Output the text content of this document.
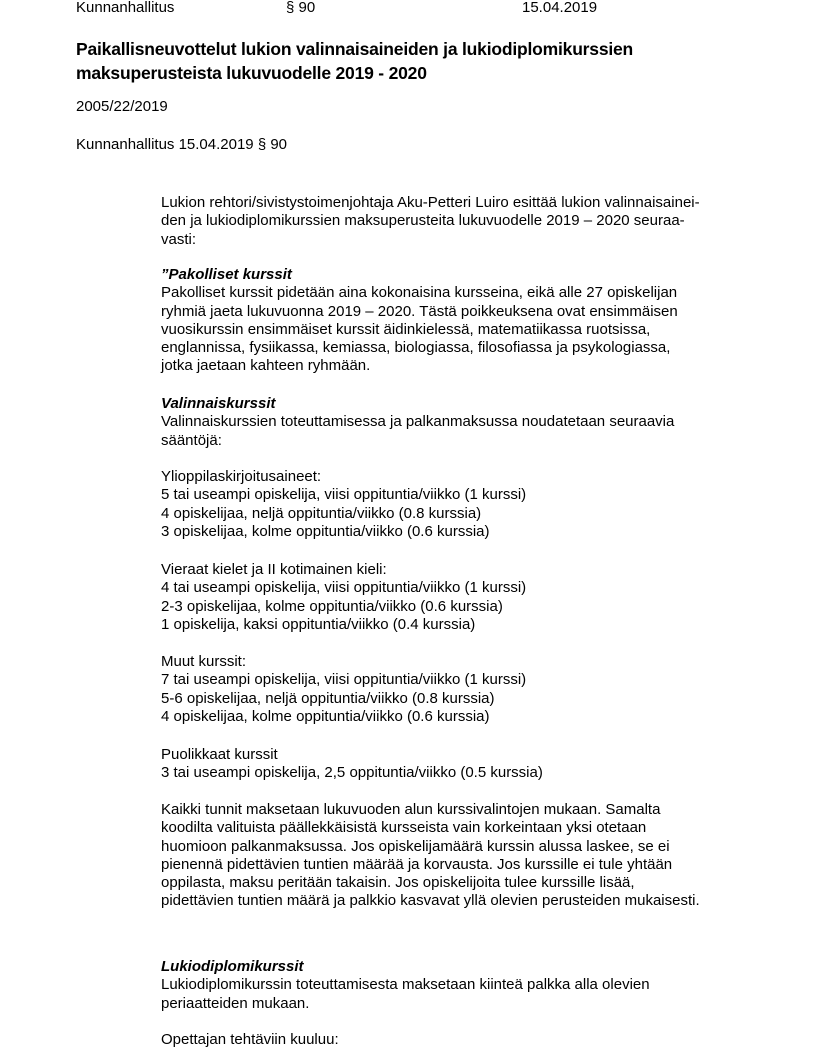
Kunnanhallitus	§ 90	15.04.2019
Paikallisneuvottelut lukion valinnaisaineiden ja lukiodiplomikurssien
maksuperusteista lukuvuodelle 2019 - 2020
2005/22/2019
Kunnanhallitus 15.04.2019 § 90
Lukion rehtori/sivistystoimenjohtaja Aku-Petteri Luiro esittää lukion valinnaisainei-
den ja lukiodiplomikurssien maksuperusteita lukuvuodelle 2019 – 2020 seuraa-
vasti:
”Pakolliset kurssit
Pakolliset kurssit pidetään aina kokonaisina kursseina, eikä alle 27 opiskelijan
ryhmiä jaeta lukuvuonna 2019 – 2020. Tästä poikkeuksena ovat ensimmäisen
vuosikurssin ensimmäiset kurssit äidinkielessä, matematiikassa ruotsissa,
englannissa, fysiikassa, kemiassa, biologiassa, filosofiassa ja psykologiassa,
jotka jaetaan kahteen ryhmään.
Valinnaiskurssit
Valinnaiskurssien toteuttamisessa ja palkanmaksussa noudatetaan seuraavia
sääntöjä:
Ylioppilaskirjoitusaineet:
5 tai useampi opiskelija, viisi oppituntia/viikko (1 kurssi)
4 opiskelijaa, neljä oppituntia/viikko (0.8 kurssia)
3 opiskelijaa, kolme oppituntia/viikko (0.6 kurssia)
Vieraat kielet ja II kotimainen kieli:
4 tai useampi opiskelija, viisi oppituntia/viikko (1 kurssi)
2-3 opiskelijaa, kolme oppituntia/viikko (0.6 kurssia)
1 opiskelija, kaksi oppituntia/viikko (0.4 kurssia)
Muut kurssit:
7 tai useampi opiskelija, viisi oppituntia/viikko (1 kurssi)
5-6 opiskelijaa, neljä oppituntia/viikko (0.8 kurssia)
4 opiskelijaa, kolme oppituntia/viikko (0.6 kurssia)
Puolikkaat kurssit
3 tai useampi opiskelija, 2,5 oppituntia/viikko (0.5 kurssia)
Kaikki tunnit maksetaan lukuvuoden alun kurssivalintojen mukaan. Samalta
koodilta valituista päällekkäisistä kursseista vain korkeintaan yksi otetaan
huomioon palkanmaksussa. Jos opiskelijamäärä kurssin alussa laskee, se ei
pienennä pidettävien tuntien määrää ja korvausta. Jos kurssille ei tule yhtään
oppilasta, maksu peritään takaisin. Jos opiskelijoita tulee kurssille lisää,
pidettävien tuntien määrä ja palkkio kasvavat yllä olevien perusteiden mukaisesti.
Lukiodiplomikurssit
Lukiodiplomikurssin toteuttamisesta maksetaan kiinteä palkka alla olevien
periaatteiden mukaan.
Opettajan tehtäviin kuuluu:
